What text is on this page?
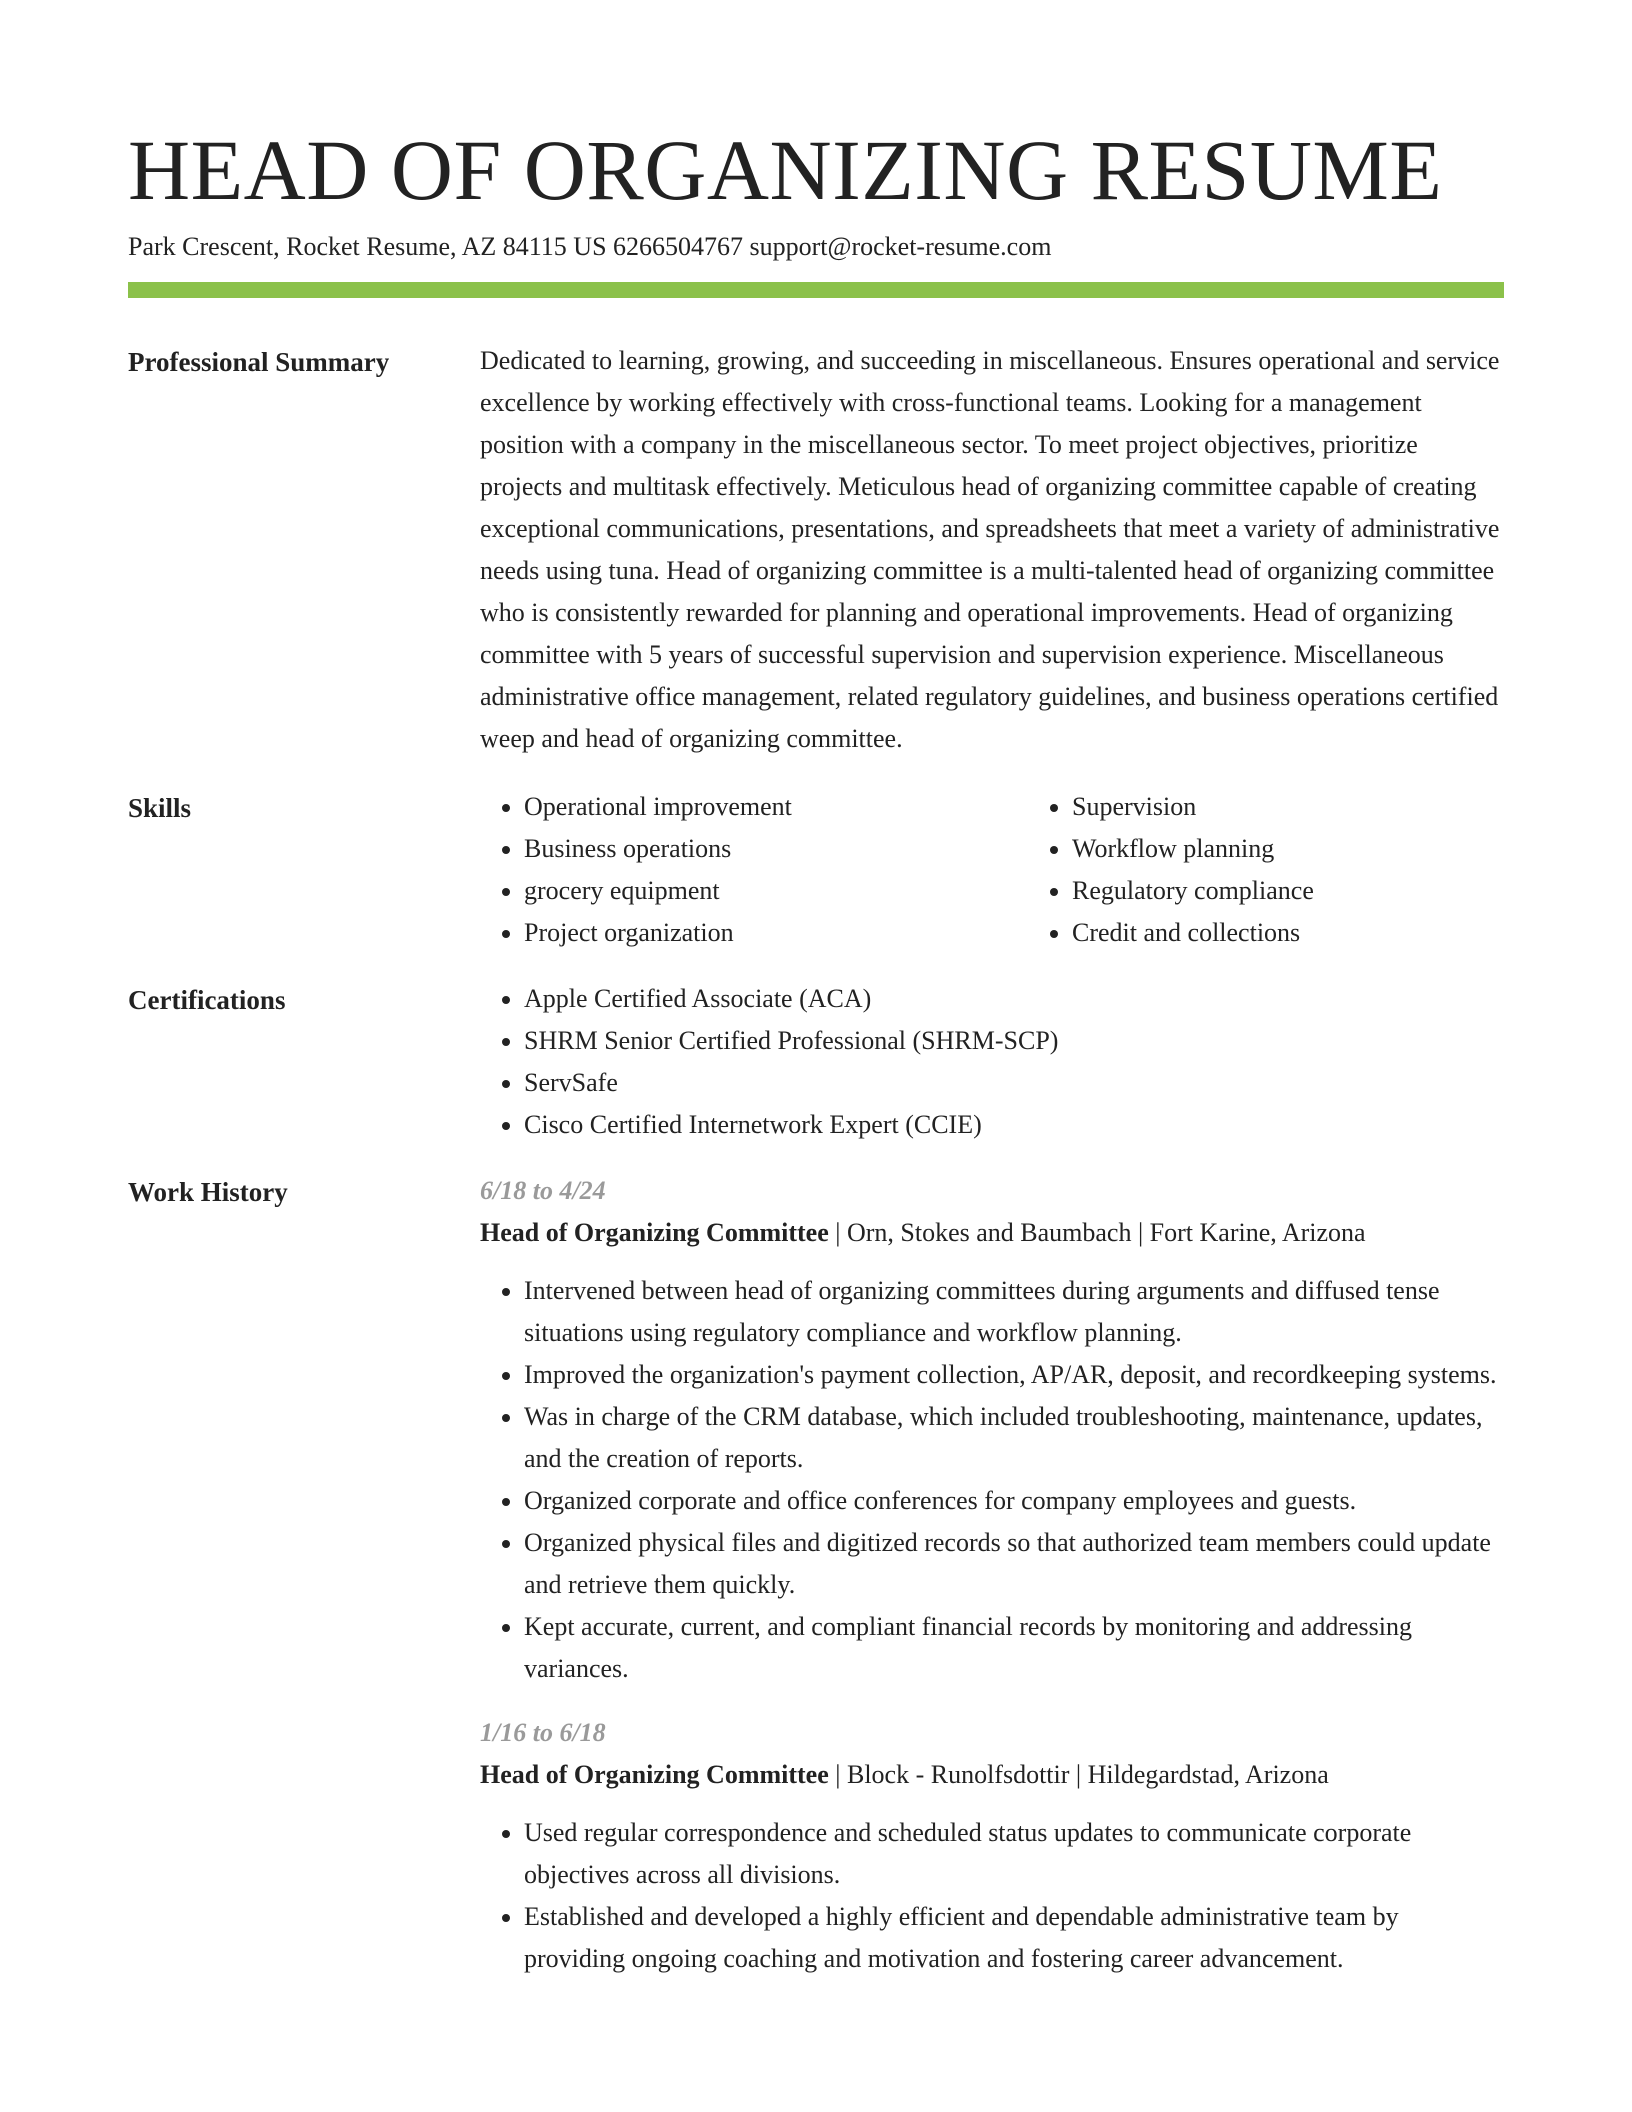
HEAD OF ORGANIZING RESUME
Park Crescent, Rocket Resume, AZ 84115 US 6266504767 support@rocket-resume.com
Professional Summary	Dedicated to learning, growing, and succeeding in miscellaneous. Ensures operational and service excellence by working effectively with cross-functional teams. Looking for a management position with a company in the miscellaneous sector. To meet project objectives, prioritize projects and multitask effectively. Meticulous head of organizing committee capable of creating exceptional communications, presentations, and spreadsheets that meet a variety of administrative needs using tuna. Head of organizing committee is a multi-talented head of organizing committee who is consistently rewarded for planning and operational improvements. Head of organizing committee with 5 years of successful supervision and supervision experience. Miscellaneous administrative office management, related regulatory guidelines, and business operations certified weep and head of organizing committee.

Skills	• Operational improvement
• Business operations
• grocery equipment
• Project organization
• Supervision
• Workflow planning
• Regulatory compliance
• Credit and collections
Certifications	• Apple Certified Associate (ACA)
• SHRM Senior Certified Professional (SHRM-SCP)
• ServSafe
• Cisco Certified Internetwork Expert (CCIE)
Work History	6/18 to 4/24
Head of Organizing Committee | Orn, Stokes and Baumbach | Fort Karine, Arizona
• Intervened between head of organizing committees during arguments and diffused tense situations using regulatory compliance and workflow planning.
• Improved the organization's payment collection, AP/AR, deposit, and recordkeeping systems.
• Was in charge of the CRM database, which included troubleshooting, maintenance, updates, and the creation of reports.
• Organized corporate and office conferences for company employees and guests.
• Organized physical files and digitized records so that authorized team members could update and retrieve them quickly.
• Kept accurate, current, and compliant financial records by monitoring and addressing variances.
1/16 to 6/18
Head of Organizing Committee | Block - Runolfsdottir | Hildegardstad, Arizona
• Used regular correspondence and scheduled status updates to communicate corporate objectives across all divisions.
• Established and developed a highly efficient and dependable administrative team by providing ongoing coaching and motivation and fostering career advancement.
